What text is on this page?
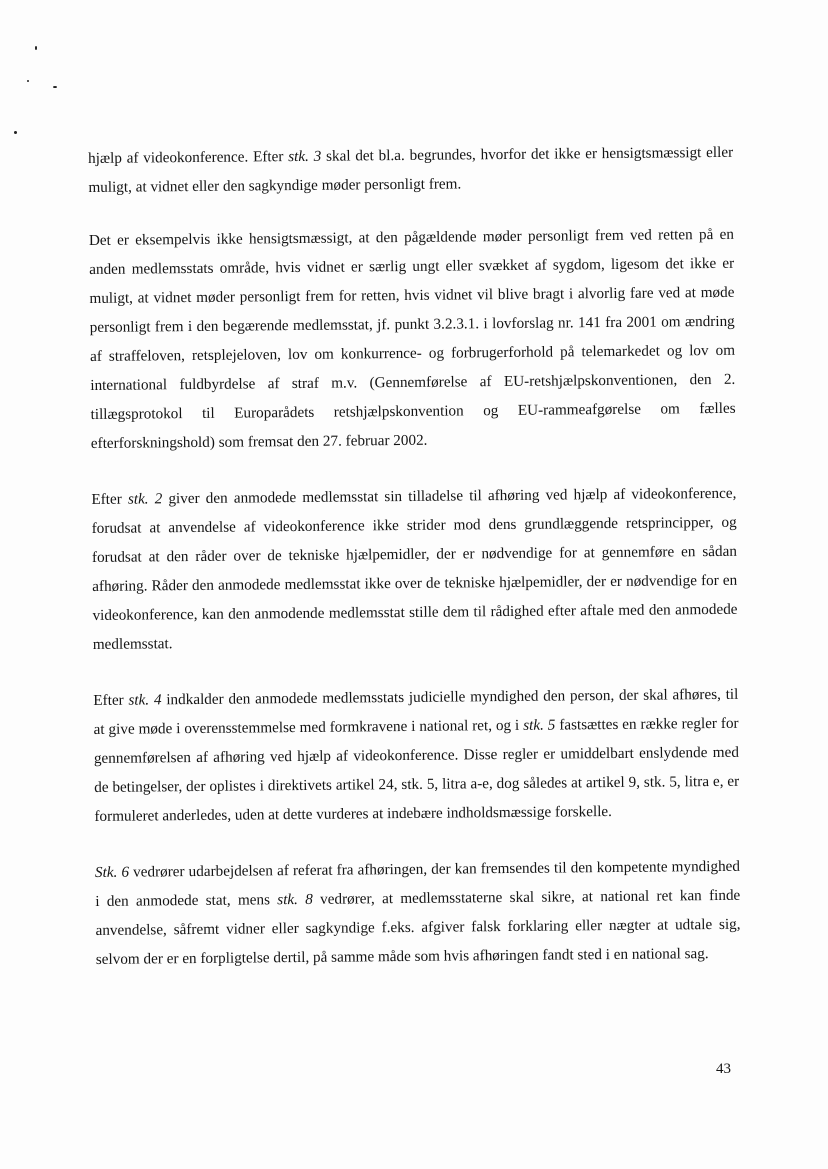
hjælp af videokonference. Efter stk. 3 skal det bl.a. begrundes, hvorfor det ikke er hensigtsmæssigt eller muligt, at vidnet eller den sagkyndige møder personligt frem.

Det er eksempelvis ikke hensigtsmæssigt, at den pågældende møder personligt frem ved retten på en anden medlemsstats område, hvis vidnet er særlig ungt eller svækket af sygdom, ligesom det ikke er muligt, at vidnet møder personligt frem for retten, hvis vidnet vil blive bragt i alvorlig fare ved at møde personligt frem i den begærende medlemsstat, jf. punkt 3.2.3.1. i lovforslag nr. 141 fra 2001 om ændring af straffeloven, retsplejeloven, lov om konkurrence- og forbrugerforhold på telemarkedet og lov om international fuldbyrdelse af straf m.v. (Gennemførelse af EU-retshjælpskonventionen, den 2. tillægsprotokol til Europarådets retshjælpskonvention og EU-rammeafgørelse om fælles efterforskningshold) som fremsat den 27. februar 2002.

Efter stk. 2 giver den anmodede medlemsstat sin tilladelse til afhøring ved hjælp af videokonference, forudsat at anvendelse af videokonference ikke strider mod dens grundlæggende retsprincipper, og forudsat at den råder over de tekniske hjælpemidler, der er nødvendige for at gennemføre en sådan afhøring. Råder den anmodede medlemsstat ikke over de tekniske hjælpemidler, der er nødvendige for en videokonference, kan den anmodende medlemsstat stille dem til rådighed efter aftale med den anmodede medlemsstat.

Efter stk. 4 indkalder den anmodede medlemsstats judicielle myndighed den person, der skal afhøres, til at give møde i overensstemmelse med formkravene i national ret, og i stk. 5 fastsættes en række regler for gennemførelsen af afhøring ved hjælp af videokonference. Disse regler er umiddelbart enslydende med de betingelser, der oplistes i direktivets artikel 24, stk. 5, litra a-e, dog således at artikel 9, stk. 5, litra e, er formuleret anderledes, uden at dette vurderes at indebære indholdsmæssige forskelle.

Stk. 6 vedrører udarbejdelsen af referat fra afhøringen, der kan fremsendes til den kompetente myndighed i den anmodede stat, mens stk. 8 vedrører, at medlemsstaterne skal sikre, at national ret kan finde anvendelse, såfremt vidner eller sagkyndige f.eks. afgiver falsk forklaring eller nægter at udtale sig, selvom der er en forpligtelse dertil, på samme måde som hvis afhøringen fandt sted i en national sag.

43
